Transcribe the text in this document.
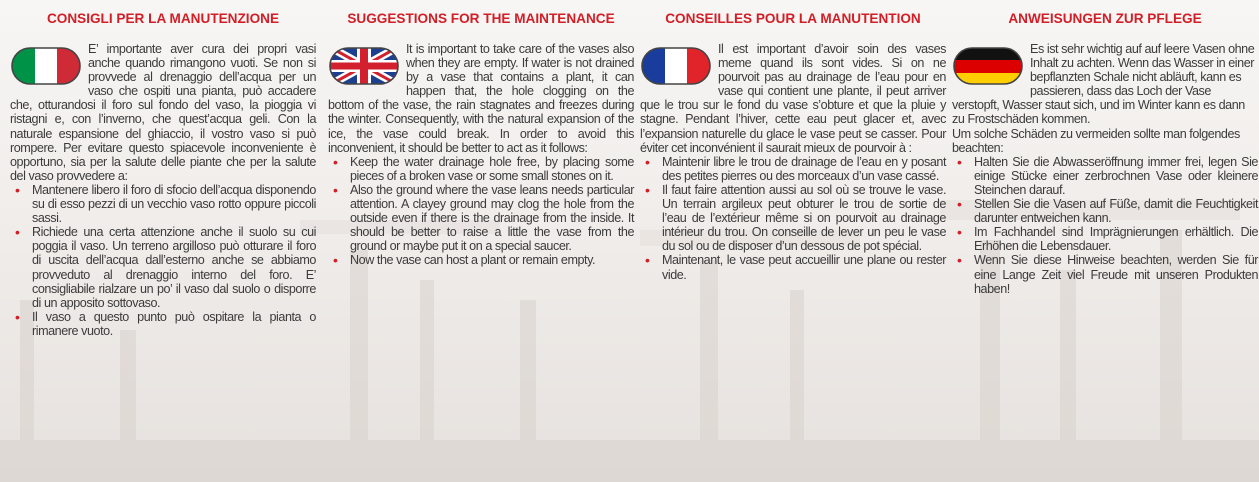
CONSIGLI PER LA MANUTENZIONE

E’ importante aver cura dei propri vasi anche quando rimangono vuoti. Se non si provvede al drenaggio dell’acqua per un vaso che ospiti una pianta, può accadere che, otturandosi il foro sul fondo del vaso, la pioggia vi ristagni e, con l’inverno, che quest’acqua geli. Con la naturale espansione del ghiaccio, il vostro vaso si può rompere. Per evitare questo spiacevole inconveniente è opportuno, sia per la salute delle piante che per la salute del vaso provvedere a:

• Mantenere libero il foro di sfocio dell’acqua disponendo su di esso pezzi di un vecchio vaso rotto oppure piccoli sassi.
• Richiede una certa attenzione anche il suolo su cui poggia il vaso. Un terreno argilloso può otturare il foro di uscita dell’acqua dall’esterno anche se abbiamo provveduto al drenaggio interno del foro. E’ consigliabile rialzare un po’ il vaso dal suolo o disporre di un apposito sottovaso.
• Il vaso a questo punto può ospitare la pianta o rimanere vuoto.
SUGGESTIONS FOR THE MAINTENANCE

It is important to take care of the vases also when they are empty. If water is not drained by a vase that contains a plant, it can happen that, the hole clogging on the bottom of the vase, the rain stagnates and freezes during the winter. Consequently, with the natural expansion of the ice, the vase could break. In order to avoid this inconvenient, it should be better to act as it follows:

• Keep the water drainage hole free, by placing some pieces of a broken vase or some small stones on it.
• Also the ground where the vase leans needs particular attention. A clayey ground may clog the hole from the outside even if there is the drainage from the inside. It should be better to raise a little the vase from the ground or maybe put it on a special saucer.
• Now the vase can host a plant or remain empty.
CONSEILLES POUR LA MANUTENTION

Il est important d’avoir soin des vases meme quand ils sont vides. Si on ne pourvoit pas au drainage de l’eau pour en vase qui contient une plante, il peut arriver que le trou sur le fond du vase s’obture et que la pluie y stagne. Pendant l’hiver, cette eau peut glacer et, avec l’expansion naturelle du glace le vase peut se casser. Pour éviter cet inconvénient il saurait mieux de pourvoir à :

• Maintenir libre le trou de drainage de l’eau en y posant des petites pierres ou des morceaux d’un vase cassé.
• Il faut faire attention aussi au sol où se trouve le vase. Un terrain argileux peut obturer le trou de sortie de l’eau de l’extérieur même si on pourvoit au drainage intérieur du trou. On conseille de lever un peu le vase du sol ou de disposer d’un dessous de pot spécial.
• Maintenant, le vase peut accueillir une plane ou rester vide.
ANWEISUNGEN ZUR PFLEGE

Es ist sehr wichtig auf auf leere Vasen ohne Inhalt zu achten. Wenn das Wasser in einer bepflanzten Schale nicht abläuft, kann es passieren, dass das Loch der Vase verstopft, Wasser staut sich, und im Winter kann es dann zu Frostschäden kommen.

Um solche Schäden zu vermeiden sollte man folgendes beachten:

• Halten Sie die Abwasseröffnung immer frei, legen Sie einige Stücke einer zerbrochnen Vase oder kleinere Steinchen darauf.
• Stellen Sie die Vasen auf Füße, damit die Feuchtigkeit darunter entweichen kann.
• Im Fachhandel sind Imprägnierungen erhältlich. Die Erhöhen die Lebensdauer.
• Wenn Sie diese Hinweise beachten, werden Sie für eine Lange Zeit viel Freude mit unseren Produkten haben!
